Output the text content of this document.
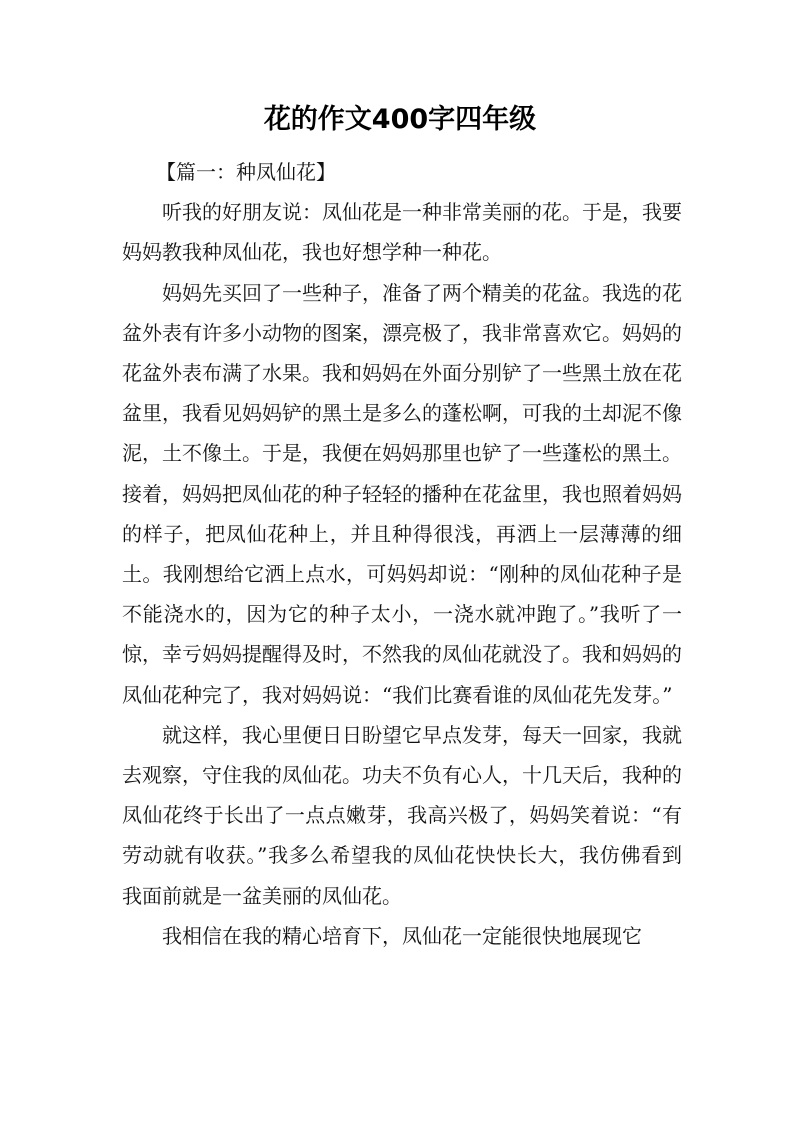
花的作文400字四年级

【篇一：种凤仙花】

听我的好朋友说：凤仙花是一种非常美丽的花。于是，我要妈妈教我种凤仙花，我也好想学种一种花。

妈妈先买回了一些种子，准备了两个精美的花盆。我选的花盆外表有许多小动物的图案，漂亮极了，我非常喜欢它。妈妈的花盆外表布满了水果。我和妈妈在外面分别铲了一些黑土放在花盆里，我看见妈妈铲的黑土是多么的蓬松啊，可我的土却泥不像泥，土不像土。于是，我便在妈妈那里也铲了一些蓬松的黑土。接着，妈妈把凤仙花的种子轻轻的播种在花盆里，我也照着妈妈的样子，把凤仙花种上，并且种得很浅，再洒上一层薄薄的细土。我刚想给它洒上点水，可妈妈却说：“刚种的凤仙花种子是不能浇水的，因为它的种子太小，一浇水就冲跑了。”我听了一惊，幸亏妈妈提醒得及时，不然我的凤仙花就没了。我和妈妈的凤仙花种完了，我对妈妈说：“我们比赛看谁的凤仙花先发芽。”

就这样，我心里便日日盼望它早点发芽，每天一回家，我就去观察，守住我的凤仙花。功夫不负有心人，十几天后，我种的凤仙花终于长出了一点点嫩芽，我高兴极了，妈妈笑着说：“有劳动就有收获。”我多么希望我的凤仙花快快长大，我仿佛看到我面前就是一盆美丽的凤仙花。

我相信在我的精心培育下，凤仙花一定能很快地展现它
